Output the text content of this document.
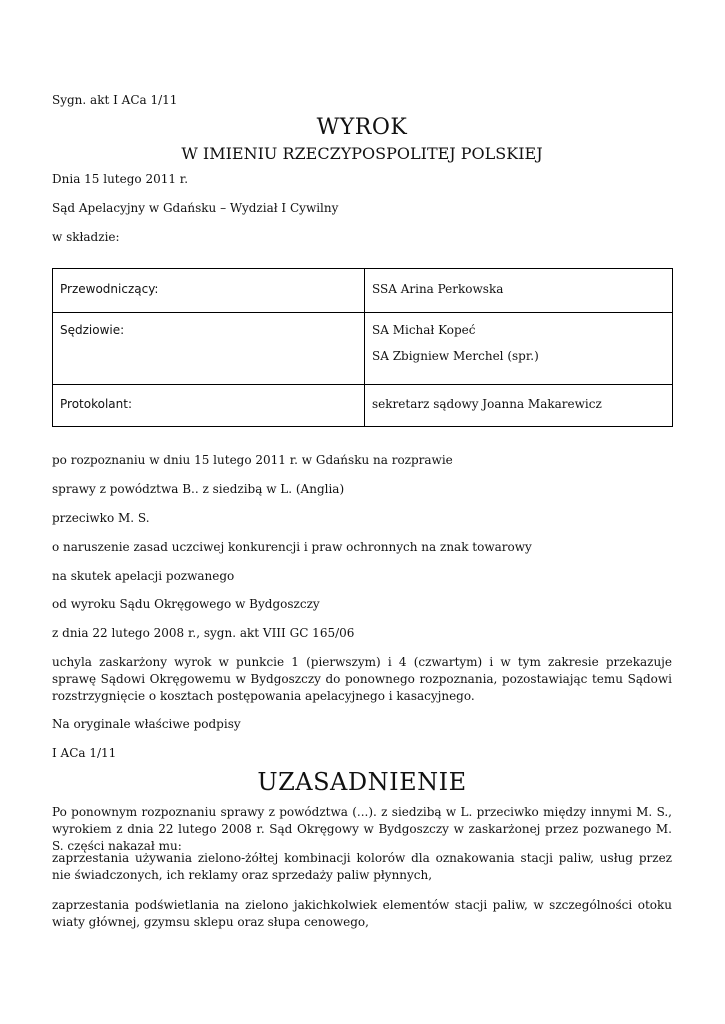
Sygn. akt I ACa 1/11

WYROK

W IMIENIU RZECZYPOSPOLITEJ POLSKIEJ

Dnia 15 lutego 2011 r.

Sąd Apelacyjny w Gdańsku – Wydział I Cywilny

w składzie:

Przewodniczący:	SSA Arina Perkowska

Sędziowie:	SA Michał Kopeć
SA Zbigniew Merchel (spr.)

Protokolant:	sekretarz sądowy Joanna Makarewicz

po rozpoznaniu w dniu 15 lutego 2011 r. w Gdańsku na rozprawie

sprawy z powództwa B.. z siedzibą w L. (Anglia)

przeciwko M. S.

o naruszenie zasad uczciwej konkurencji i praw ochronnych na znak towarowy

na skutek apelacji pozwanego

od wyroku Sądu Okręgowego w Bydgoszczy

z dnia 22 lutego 2008 r., sygn. akt VIII GC 165/06

uchyla zaskarżony wyrok w punkcie 1 (pierwszym) i 4 (czwartym) i w tym zakresie przekazuje sprawę Sądowi Okręgowemu w Bydgoszczy do ponownego rozpoznania, pozostawiając temu Sądowi rozstrzygnięcie o kosztach postępowania apelacyjnego i kasacyjnego.

Na oryginale właściwe podpisy

I ACa 1/11

UZASADNIENIE

Po ponownym rozpoznaniu sprawy z powództwa (...). z siedzibą w L. przeciwko między innymi M. S., wyrokiem z dnia 22 lutego 2008 r. Sąd Okręgowy w Bydgoszczy w zaskarżonej przez pozwanego M. S. części nakazał mu:

zaprzestania używania zielono-żółtej kombinacji kolorów dla oznakowania stacji paliw, usług przez nie świadczonych, ich reklamy oraz sprzedaży paliw płynnych,

zaprzestania podświetlania na zielono jakichkolwiek elementów stacji paliw, w szczególności otoku wiaty głównej, gzymsu sklepu oraz słupa cenowego,
